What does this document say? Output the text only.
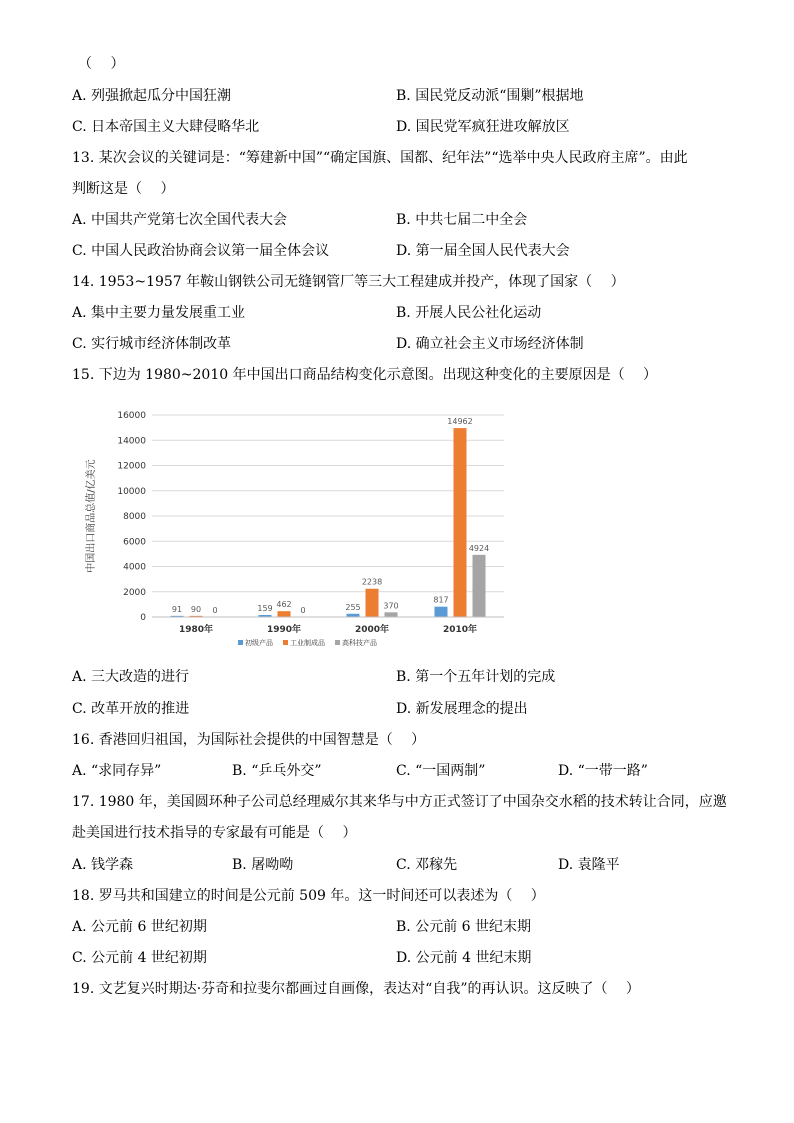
（　 ）
A. 列强掀起瓜分中国狂潮	B. 国民党反动派“围剿”根据地
C. 日本帝国主义大肆侵略华北	D. 国民党军疯狂进攻解放区
13. 某次会议的关键词是：“筹建新中国”“确定国旗、国都、纪年法”“选举中央人民政府主席”。由此
判断这是（　 ）
A. 中国共产党第七次全国代表大会	B. 中共七届二中全会
C. 中国人民政治协商会议第一届全体会议	D. 第一届全国人民代表大会
14. 1953~1957 年鞍山钢铁公司无缝钢管厂等三大工程建成并投产，体现了国家（　 ）
A. 集中主要力量发展重工业	B. 开展人民公社化运动
C. 实行城市经济体制改革	D. 确立社会主义市场经济体制
15. 下边为 1980~2010 年中国出口商品结构变化示意图。出现这种变化的主要原因是（　 ）
A. 三大改造的进行	B. 第一个五年计划的完成
C. 改革开放的推进	D. 新发展理念的提出
16. 香港回归祖国，为国际社会提供的中国智慧是（　 ）
A. “求同存异”	B. “乒乓外交”	C. “一国两制”	D. “一带一路”
17. 1980 年，美国圆环种子公司总经理威尔其来华与中方正式签订了中国杂交水稻的技术转让合同，应邀
赴美国进行技术指导的专家最有可能是（　 ）
A. 钱学森	B. 屠呦呦	C. 邓稼先	D. 袁隆平
18. 罗马共和国建立的时间是公元前 509 年。这一时间还可以表述为（　 ）
A. 公元前 6 世纪初期	B. 公元前 6 世纪末期
C. 公元前 4 世纪初期	D. 公元前 4 世纪末期
19. 文艺复兴时期达·芬奇和拉斐尔都画过自画像，表达对“自我”的再认识。这反映了（　 ）
0
2000
4000
6000
8000
10000
12000
14000
16000
中国出口商品总值/亿美元
91 90 0
1980年
159 462
0
1990年
255
2238
370
2000年
817
14962
4924
2010年
初级产品 工业制成品 高科技产品
